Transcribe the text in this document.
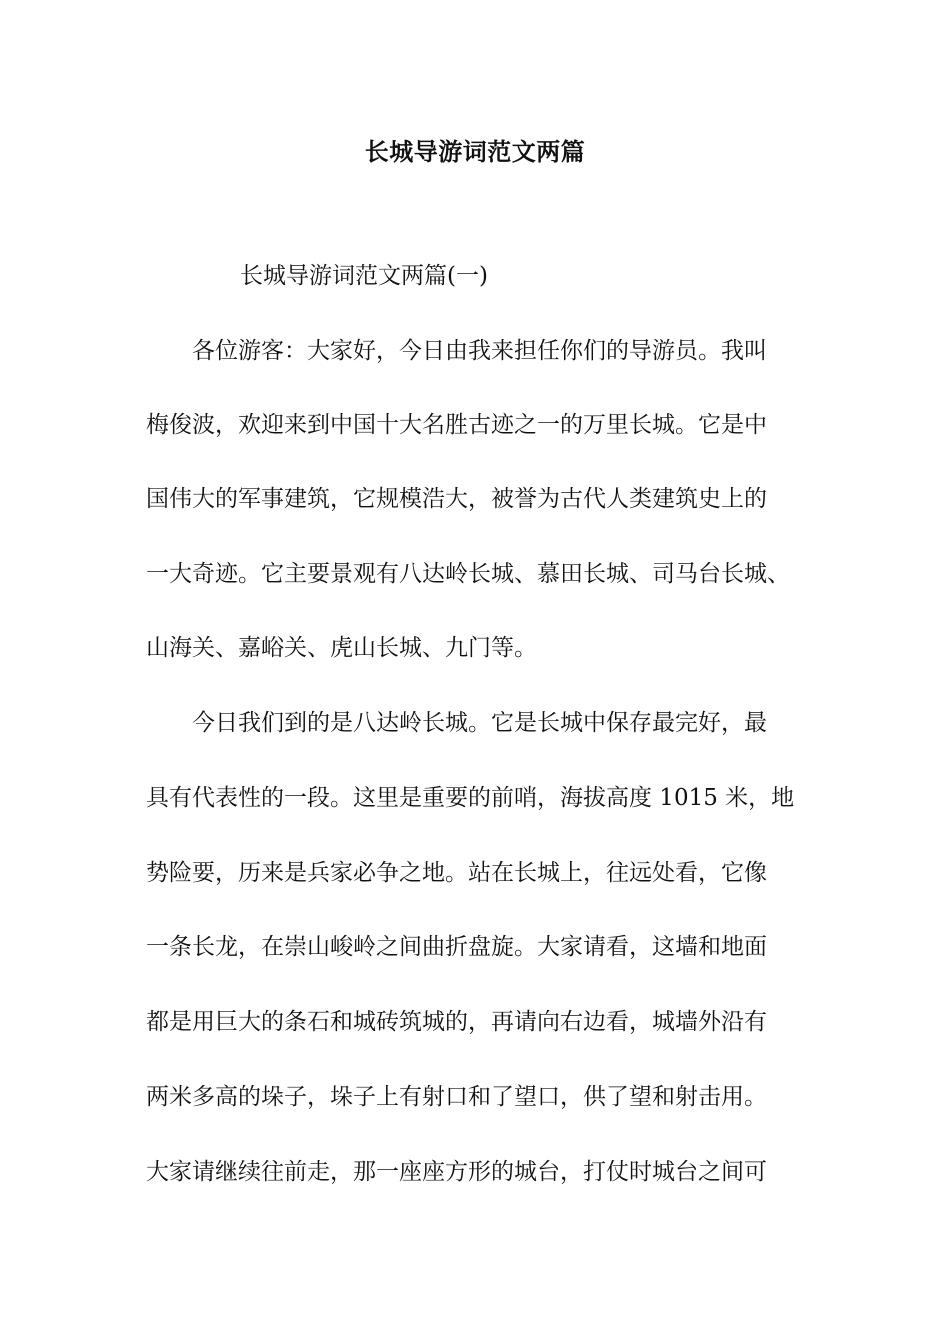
长城导游词范文两篇
长城导游词范文两篇(一)
　　各位游客：大家好，今日由我来担任你们的导游员。我叫
梅俊波，欢迎来到中国十大名胜古迹之一的万里长城。它是中
国伟大的军事建筑，它规模浩大，被誉为古代人类建筑史上的
一大奇迹。它主要景观有八达岭长城、慕田长城、司马台长城、
山海关、嘉峪关、虎山长城、九门等。
　　今日我们到的是八达岭长城。它是长城中保存最完好，最
具有代表性的一段。这里是重要的前哨，海拔高度 1015 米，地
势险要，历来是兵家必争之地。站在长城上，往远处看，它像
一条长龙，在崇山峻岭之间曲折盘旋。大家请看，这墙和地面
都是用巨大的条石和城砖筑城的，再请向右边看，城墙外沿有
两米多高的垛子，垛子上有射口和了望口，供了望和射击用。
大家请继续往前走，那一座座方形的城台，打仗时城台之间可
